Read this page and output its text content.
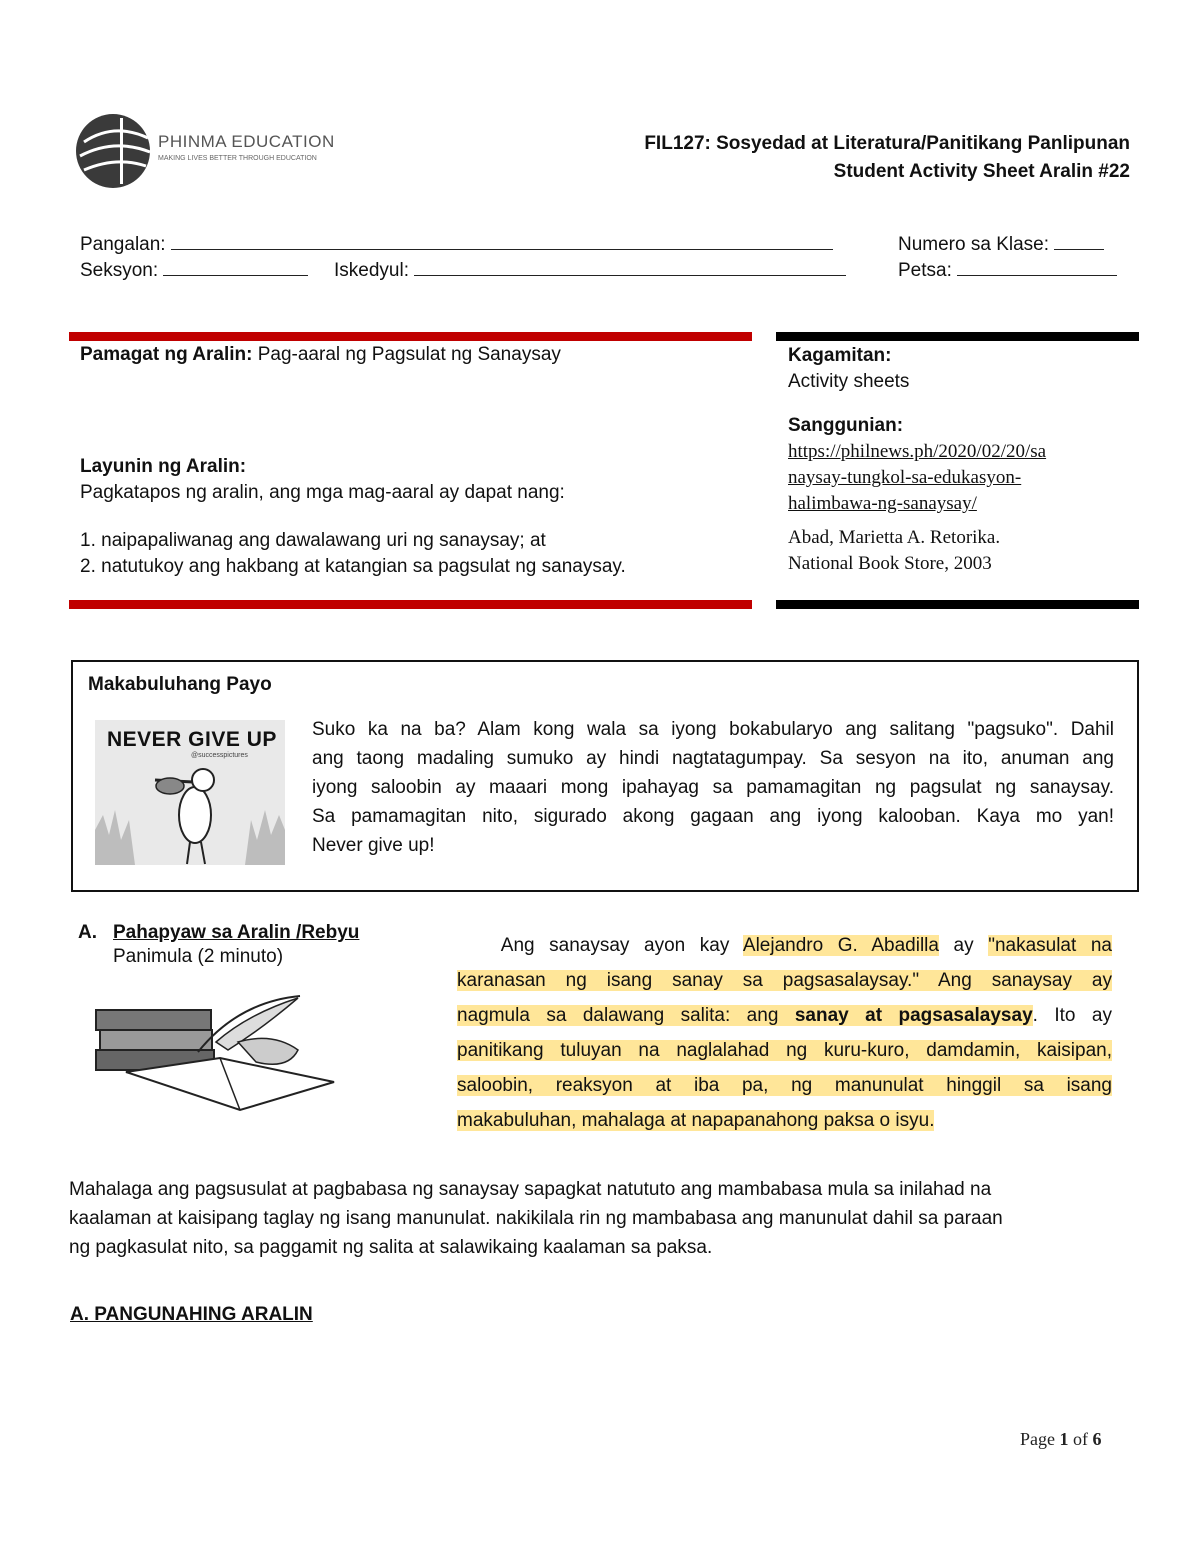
PHINMA EDUCATION
MAKING LIVES BETTER THROUGH EDUCATION
FIL127: Sosyedad at Literatura/Panitikang Panlipunan
Student Activity Sheet Aralin #22
Pangalan:	Numero sa Klase:
Seksyon:	Iskedyul:	Petsa:
Pamagat ng Aralin: Pag-aaral ng Pagsulat ng Sanaysay
Layunin ng Aralin:
Pagkatapos ng aralin, ang mga mag-aaral ay dapat nang:
1. naipapaliwanag ang dawalawang uri ng sanaysay; at
2. natutukoy ang hakbang at katangian sa pagsulat ng sanaysay.
Kagamitan:
Activity sheets
Sanggunian:
https://philnews.ph/2020/02/20/sa
naysay-tungkol-sa-edukasyon-
halimbawa-ng-sanaysay/
Abad, Marietta A. Retorika.
National Book Store, 2003
Makabuluhang Payo
NEVER GIVE UP
@successpictures
Suko ka na ba? Alam kong wala sa iyong bokabularyo ang salitang "pagsuko". Dahil
ang taong madaling sumuko ay hindi nagtatagumpay. Sa sesyon na ito, anuman ang
iyong saloobin ay maaari mong ipahayag sa pamamagitan ng pagsulat ng sanaysay.
Sa pamamagitan nito, sigurado akong gagaan ang iyong kalooban. Kaya mo yan!
Never give up!
A. Pahapyaw sa Aralin /Rebyu
Panimula (2 minuto)
Ang sanaysay ayon kay Alejandro G. Abadilla ay "nakasulat na
karanasan ng isang sanay sa pagsasalaysay." Ang sanaysay ay
nagmula sa dalawang salita: ang sanay at pagsasalaysay. Ito ay
panitikang tuluyan na naglalahad ng kuru-kuro, damdamin, kaisipan,
saloobin, reaksyon at iba pa, ng manunulat hinggil sa isang
makabuluhan, mahalaga at napapanahong paksa o isyu.
Mahalaga ang pagsusulat at pagbabasa ng sanaysay sapagkat natututo ang mambabasa mula sa inilahad na
kaalaman at kaisipang taglay ng isang manunulat. nakikilala rin ng mambabasa ang manunulat dahil sa paraan
ng pagkasulat nito, sa paggamit ng salita at salawikaing kaalaman sa paksa.
A. PANGUNAHING ARALIN
Page 1 of 6
